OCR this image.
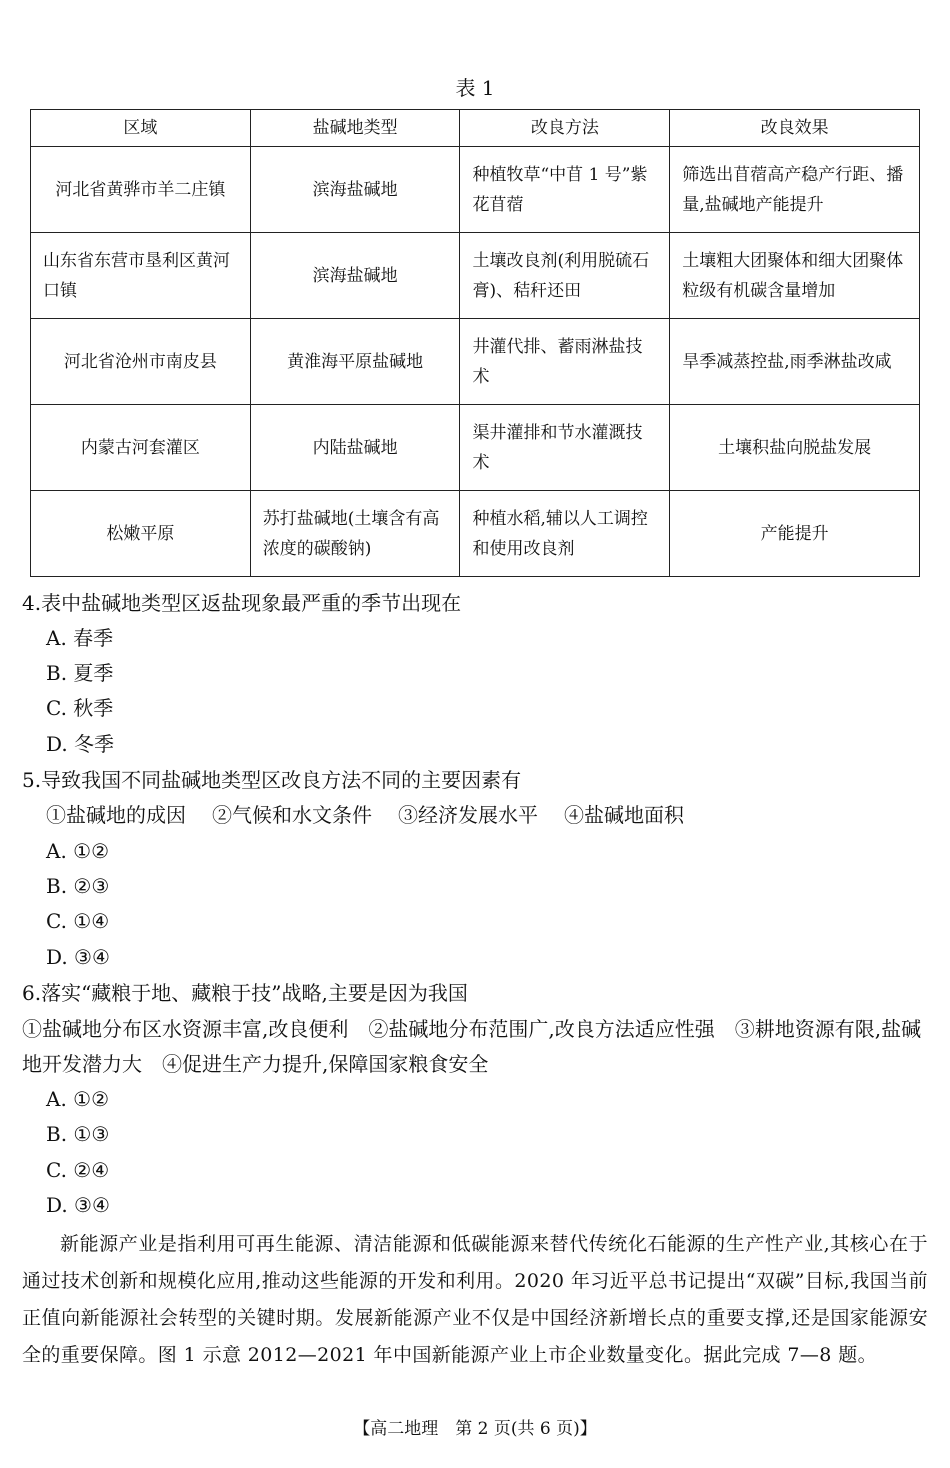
表 1
区域	盐碱地类型	改良方法	改良效果
河北省黄骅市羊二庄镇	滨海盐碱地	种植牧草“中苜 1 号”紫花苜蓿	筛选出苜蓿高产稳产行距、播量,盐碱地产能提升
山东省东营市垦利区黄河口镇	滨海盐碱地	土壤改良剂(利用脱硫石膏)、秸秆还田	土壤粗大团聚体和细大团聚体粒级有机碳含量增加
河北省沧州市南皮县	黄淮海平原盐碱地	井灌代排、蓄雨淋盐技术	旱季减蒸控盐,雨季淋盐改咸
内蒙古河套灌区	内陆盐碱地	渠井灌排和节水灌溉技术	土壤积盐向脱盐发展
松嫩平原	苏打盐碱地(土壤含有高浓度的碳酸钠)	种植水稻,辅以人工调控和使用改良剂	产能提升
4.表中盐碱地类型区返盐现象最严重的季节出现在
A. 春季
B. 夏季
C. 秋季
D. 冬季
5.导致我国不同盐碱地类型区改良方法不同的主要因素有
①盐碱地的成因 ②气候和水文条件 ③经济发展水平 ④盐碱地面积
A. ①②
B. ②③
C. ①④
D. ③④
6.落实“藏粮于地、藏粮于技”战略,主要是因为我国
①盐碱地分布区水资源丰富,改良便利　②盐碱地分布范围广,改良方法适应性强　③耕地资源有限,盐碱地开发潜力大　④促进生产力提升,保障国家粮食安全
A. ①②
B. ①③
C. ②④
D. ③④
新能源产业是指利用可再生能源、清洁能源和低碳能源来替代传统化石能源的生产性产业,其核心在于通过技术创新和规模化应用,推动这些能源的开发和利用。2020 年习近平总书记提出“双碳”目标,我国当前正值向新能源社会转型的关键时期。发展新能源产业不仅是中国经济新增长点的重要支撑,还是国家能源安全的重要保障。图 1 示意 2012—2021 年中国新能源产业上市企业数量变化。据此完成 7—8 题。
【高二地理　第 2 页(共 6 页)】
